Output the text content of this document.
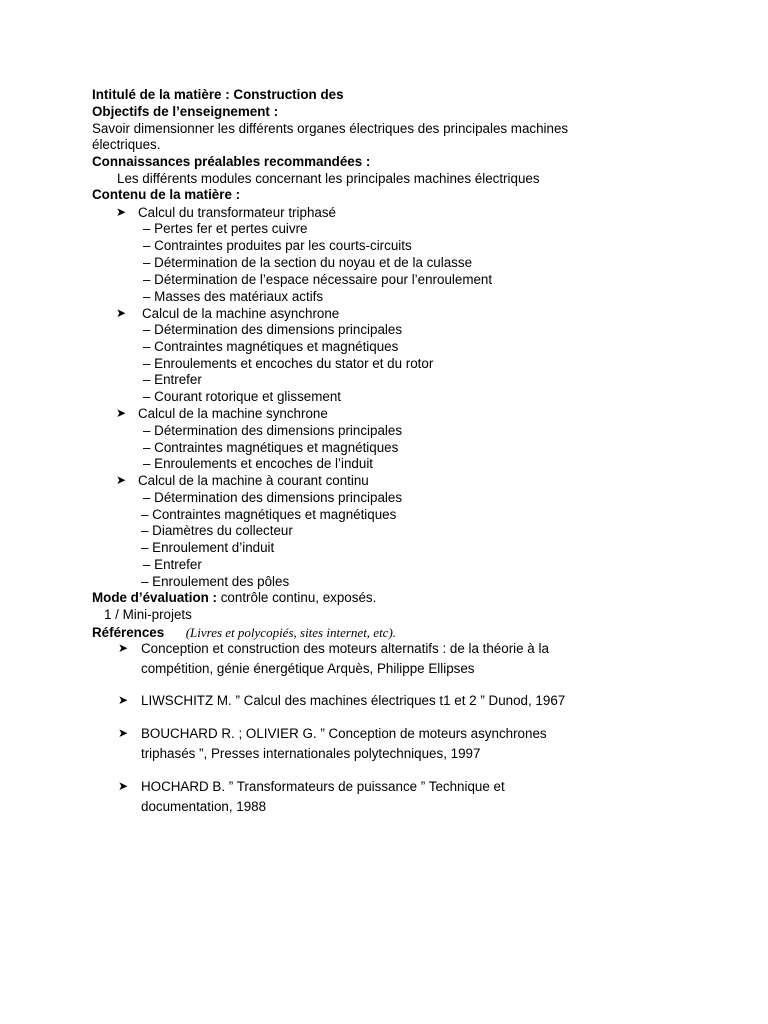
Intitulé de la matière : Construction des
Objectifs de l’enseignement :
Savoir dimensionner les différents organes électriques des principales machines
électriques.
Connaissances préalables recommandées :
Les différents modules concernant les principales machines électriques
Contenu de la matière :
➤ Calcul du transformateur triphasé
– Pertes fer et pertes cuivre
– Contraintes produites par les courts-circuits
– Détermination de la section du noyau et de la culasse
– Détermination de l’espace nécessaire pour l’enroulement
– Masses des matériaux actifs
➤ Calcul de la machine asynchrone
– Détermination des dimensions principales
– Contraintes magnétiques et magnétiques
– Enroulements et encoches du stator et du rotor
– Entrefer
– Courant rotorique et glissement
➤ Calcul de la machine synchrone
– Détermination des dimensions principales
– Contraintes magnétiques et magnétiques
– Enroulements et encoches de l’induit
➤ Calcul de la machine à courant continu
– Détermination des dimensions principales
– Contraintes magnétiques et magnétiques
– Diamètres du collecteur
– Enroulement d’induit
– Entrefer
– Enroulement des pôles
Mode d’évaluation : contrôle continu, exposés.
1 / Mini-projets
Références (Livres et polycopiés, sites internet, etc).
➤ Conception et construction des moteurs alternatifs : de la théorie à la
compétition, génie énergétique Arquès, Philippe Ellipses
➤ LIWSCHITZ M. ” Calcul des machines électriques t1 et 2 ” Dunod, 1967
➤ BOUCHARD R. ; OLIVIER G. ” Conception de moteurs asynchrones
triphasés ”, Presses internationales polytechniques, 1997
➤ HOCHARD B. ” Transformateurs de puissance ” Technique et
documentation, 1988
